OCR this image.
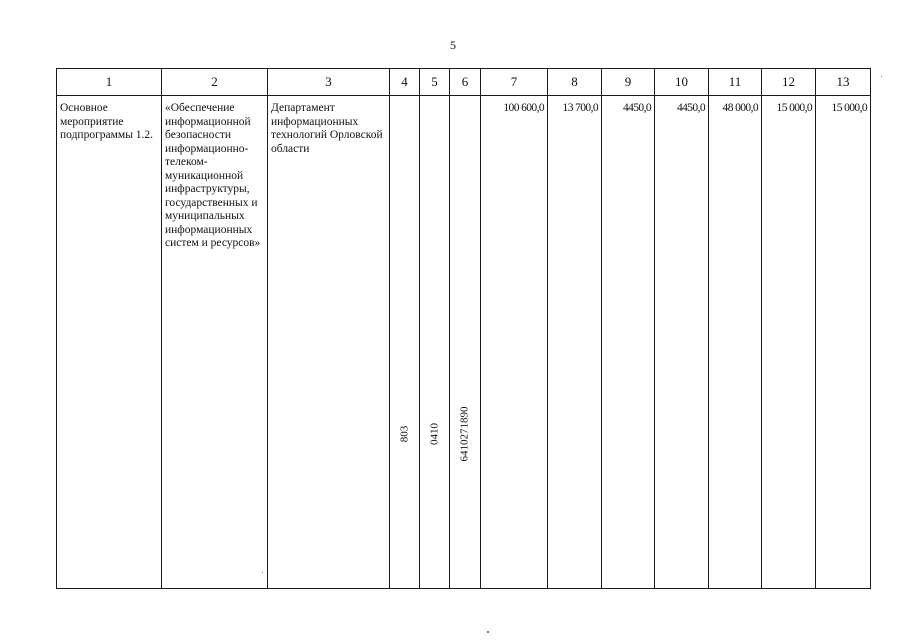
5
1	2	3	4	5	6	7	8	9	10	11	12	13
Основное мероприятие подпрограммы 1.2.	«Обеспечение информационной безопасности информационно-телеком-муникационной инфраструктуры, государственных и муниципальных информационных систем и ресурсов»	Департамент информационных технологий Орловской области	803	0410	6410271890	100 600,0	13 700,0	4450,0	4450,0	48 000,0	15 000,0	15 000,0
